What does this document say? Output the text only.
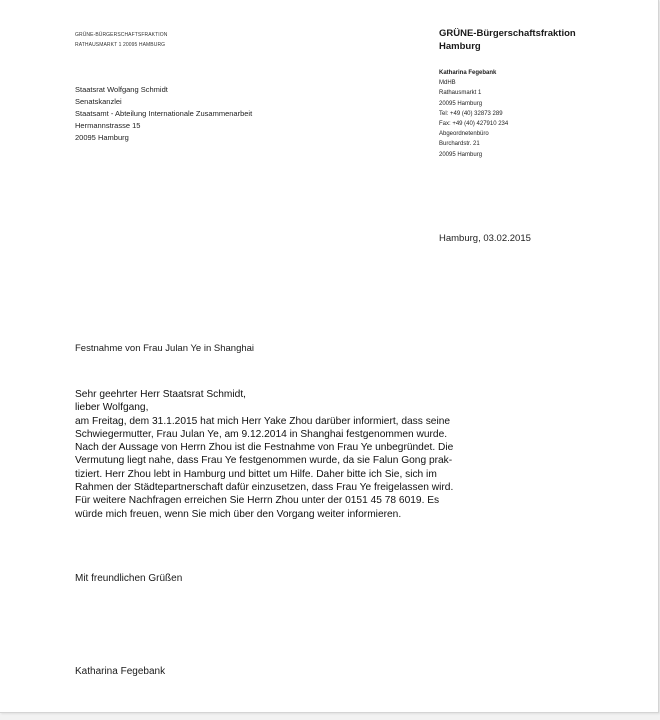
GRÜNE-BÜRGERSCHAFTSFRAKTION
RATHAUSMARKT 1 20095 HAMBURG
Staatsrat Wolfgang Schmidt
Senatskanzlei
Staatsamt - Abteilung Internationale Zusammenarbeit
Hermannstrasse 15
20095 Hamburg
GRÜNE-Bürgerschaftsfraktion
Hamburg
Katharina Fegebank
MdHB
Rathausmarkt 1
20095 Hamburg
Tel: +49 (40) 32873 289
Fax: +49 (40) 427910 234
Abgeordnetenbüro
Burchardstr. 21
20095 Hamburg
Hamburg, 03.02.2015
Festnahme von Frau Julan Ye in Shanghai
Sehr geehrter Herr Staatsrat Schmidt,
lieber Wolfgang,
am Freitag, dem 31.1.2015 hat mich Herr Yake Zhou darüber informiert, dass seine
Schwiegermutter, Frau Julan Ye, am 9.12.2014 in Shanghai festgenommen wurde.
Nach der Aussage von Herrn Zhou ist die Festnahme von Frau Ye unbegründet. Die
Vermutung liegt nahe, dass Frau Ye festgenommen wurde, da sie Falun Gong prak-
tiziert. Herr Zhou lebt in Hamburg und bittet um Hilfe. Daher bitte ich Sie, sich im
Rahmen der Städtepartnerschaft dafür einzusetzen, dass Frau Ye freigelassen wird.
Für weitere Nachfragen erreichen Sie Herrn Zhou unter der 0151 45 78 6019. Es
würde mich freuen, wenn Sie mich über den Vorgang weiter informieren.
Mit freundlichen Grüßen
Katharina Fegebank
